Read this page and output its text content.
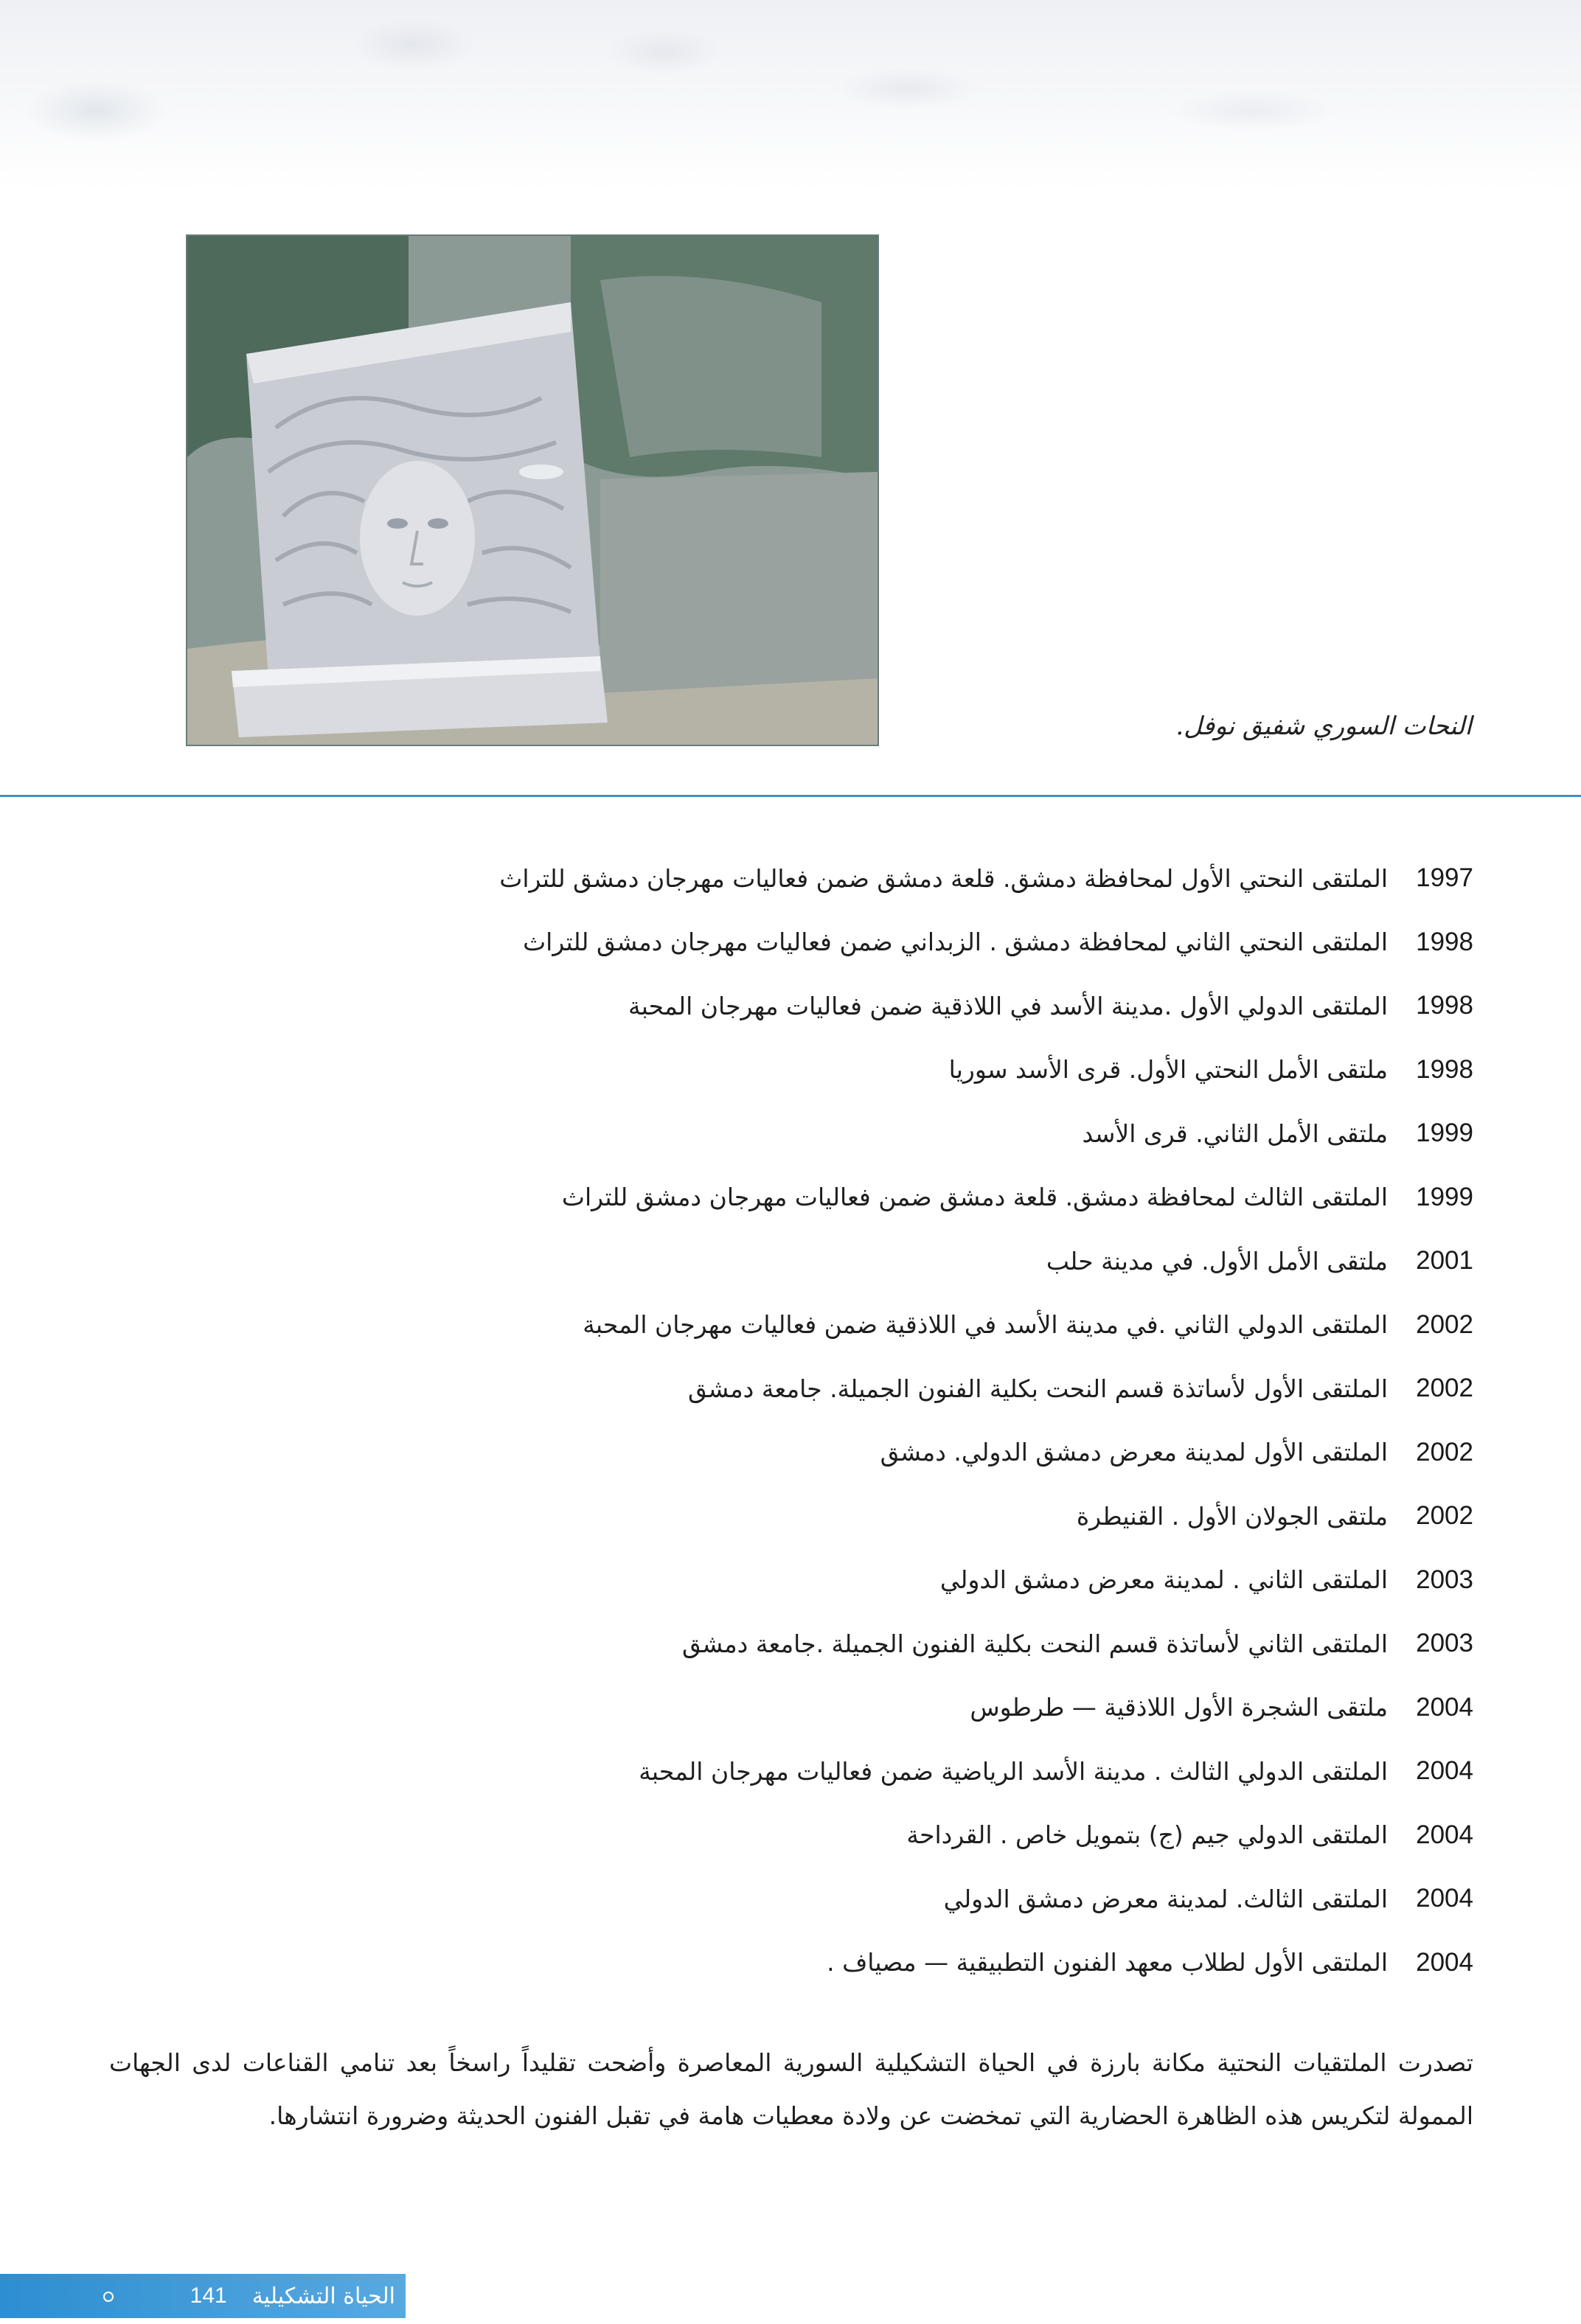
النحات السوري شفيق نوفل.
1997
الملتقى النحتي الأول لمحافظة دمشق. قلعة دمشق ضمن فعاليات مهرجان دمشق للتراث
1998
الملتقى النحتي الثاني لمحافظة دمشق . الزبداني ضمن فعاليات مهرجان دمشق للتراث
1998
الملتقى الدولي الأول .مدينة الأسد في اللاذقية ضمن فعاليات مهرجان المحبة
1998
ملتقى الأمل النحتي الأول. قرى الأسد سوريا
1999
ملتقى الأمل الثاني. قرى الأسد
1999
الملتقى الثالث لمحافظة دمشق. قلعة دمشق ضمن فعاليات مهرجان دمشق للتراث
2001
ملتقى الأمل الأول. في مدينة حلب
2002
الملتقى الدولي الثاني .في مدينة الأسد في اللاذقية ضمن فعاليات مهرجان المحبة
2002
الملتقى الأول لأساتذة قسم النحت بكلية الفنون الجميلة. جامعة دمشق
2002
الملتقى الأول لمدينة معرض دمشق الدولي. دمشق
2002
ملتقى الجولان الأول . القنيطرة
2003
الملتقى الثاني . لمدينة معرض دمشق الدولي
2003
الملتقى الثاني لأساتذة قسم النحت بكلية الفنون الجميلة .جامعة دمشق
2004
ملتقى الشجرة الأول اللاذقية — طرطوس
2004
الملتقى الدولي الثالث . مدينة الأسد الرياضية ضمن فعاليات مهرجان المحبة
2004
الملتقى الدولي جيم (ج) بتمويل خاص . القرداحة
2004
الملتقى الثالث. لمدينة معرض دمشق الدولي
2004
الملتقى الأول لطلاب معهد الفنون التطبيقية — مصياف .

تصدرت الملتقيات النحتية مكانة بارزة في الحياة التشكيلية السورية المعاصرة وأضحت تقليداً راسخاً بعد تنامي القناعات لدى الجهات الممولة لتكريس هذه الظاهرة الحضارية التي تمخضت عن ولادة معطيات هامة في تقبل الفنون الحديثة وضرورة انتشارها.

141 الحياة التشكيلية
